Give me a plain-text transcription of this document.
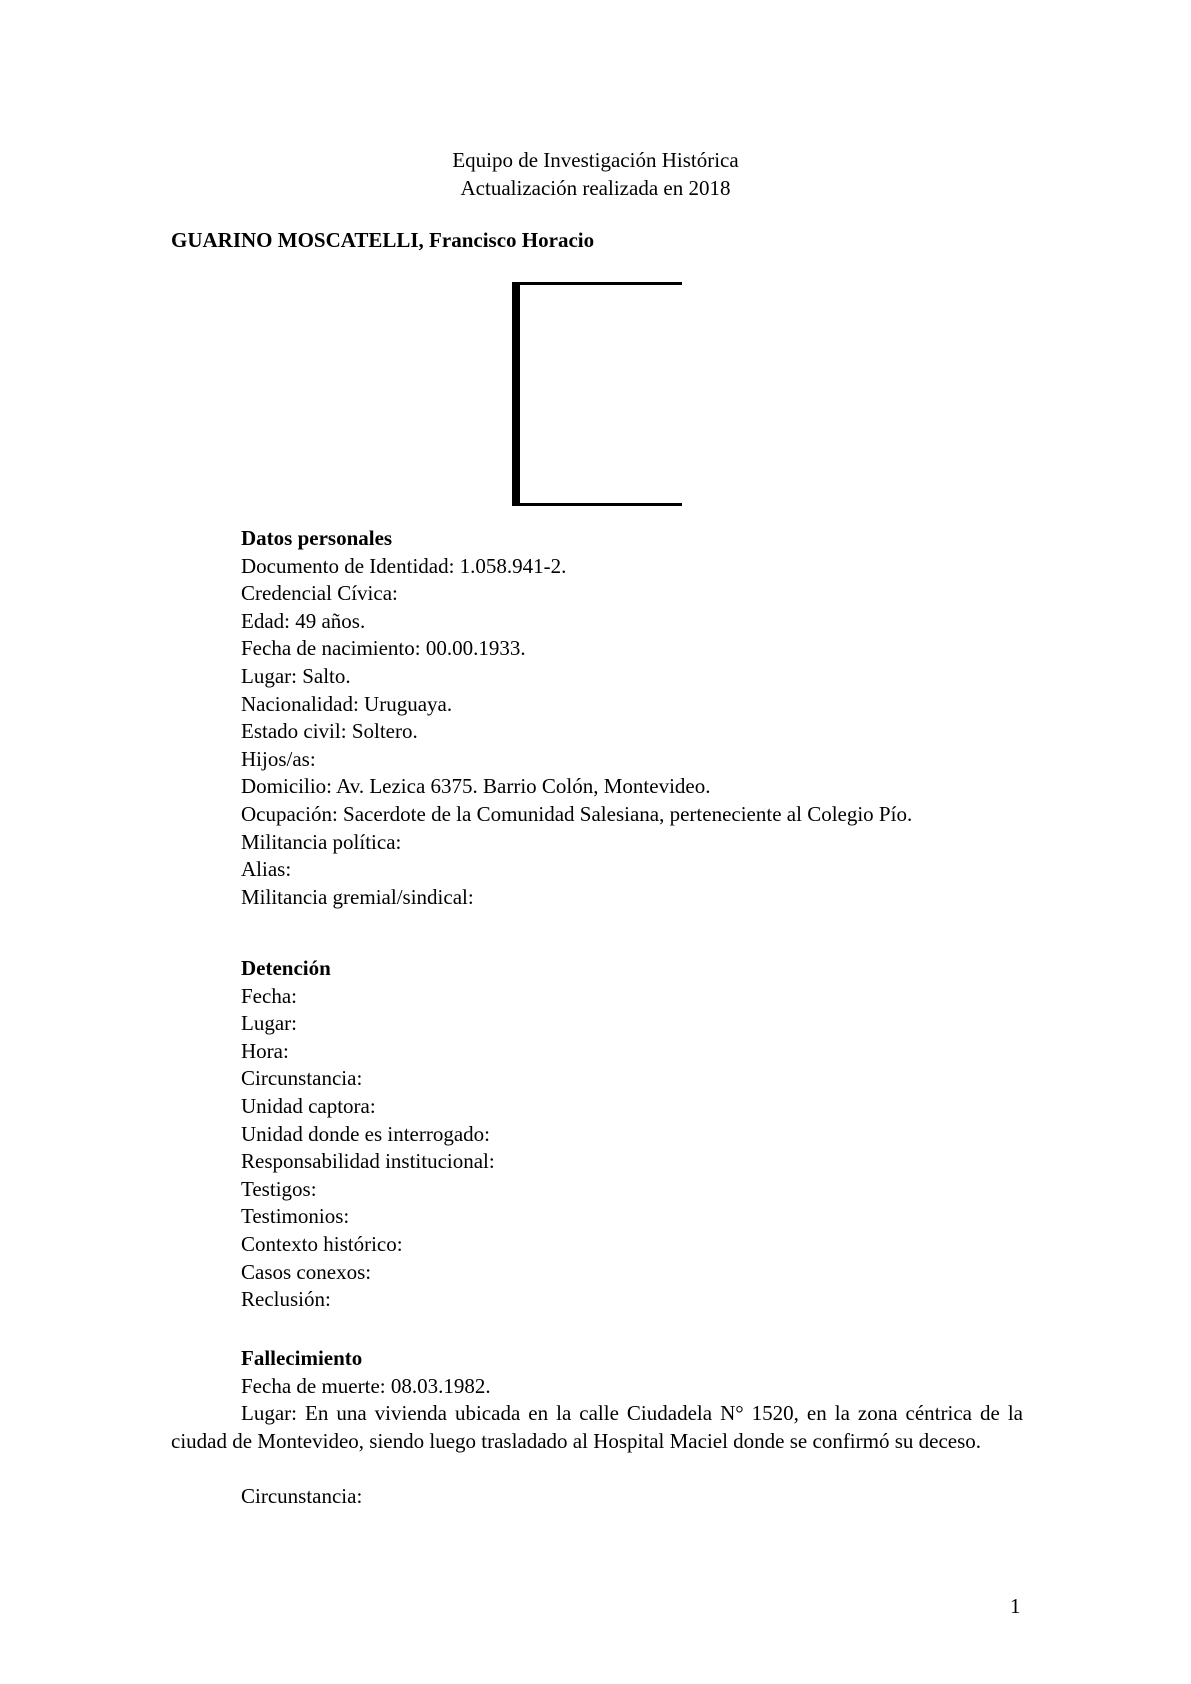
Equipo de Investigación Histórica
Actualización realizada en 2018
GUARINO MOSCATELLI, Francisco Horacio
Datos personales
Documento de Identidad: 1.058.941-2.
Credencial Cívica:
Edad: 49 años.
Fecha de nacimiento: 00.00.1933.
Lugar: Salto.
Nacionalidad: Uruguaya.
Estado civil: Soltero.
Hijos/as:
Domicilio: Av. Lezica 6375. Barrio Colón, Montevideo.
Ocupación: Sacerdote de la Comunidad Salesiana, perteneciente al Colegio Pío.
Militancia política:
Alias:
Militancia gremial/sindical:
Detención
Fecha:
Lugar:
Hora:
Circunstancia:
Unidad captora:
Unidad donde es interrogado:
Responsabilidad institucional:
Testigos:
Testimonios:
Contexto histórico:
Casos conexos:
Reclusión:
Fallecimiento
Fecha de muerte: 08.03.1982.

Lugar: En una vivienda ubicada en la calle Ciudadela N° 1520, en la zona céntrica de la ciudad de Montevideo, siendo luego trasladado al Hospital Maciel donde se confirmó su deceso.

Circunstancia:
1
